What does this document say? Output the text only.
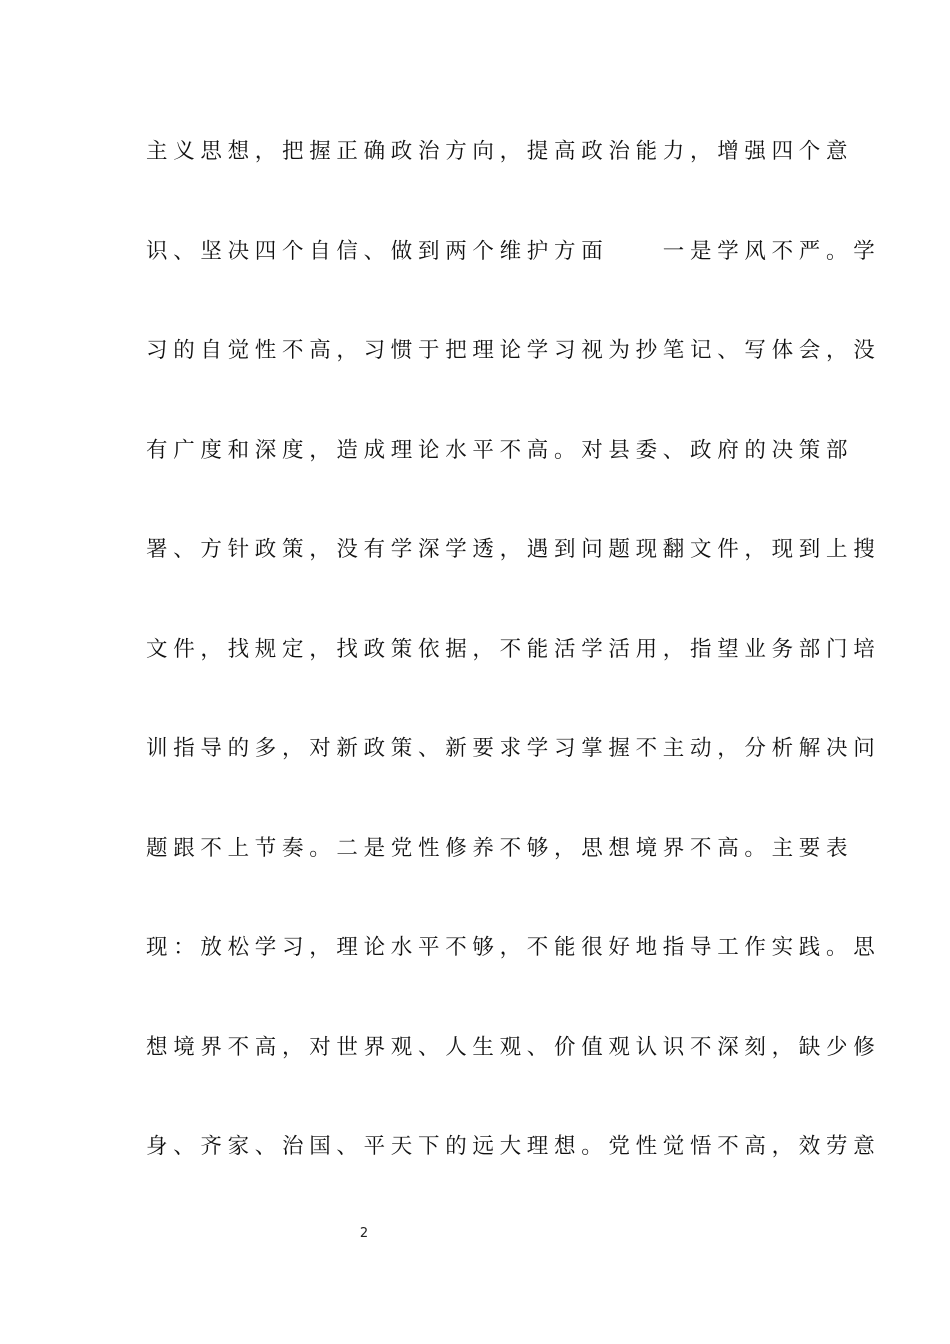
主义思想，把握正确政治方向，提高政治能力，增强四个意
识、坚决四个自信、做到两个维护方面　　一是学风不严。学
习的自觉性不高，习惯于把理论学习视为抄笔记、写体会，没
有广度和深度，造成理论水平不高。对县委、政府的决策部
署、方针政策，没有学深学透，遇到问题现翻文件，现到上搜
文件，找规定，找政策依据，不能活学活用，指望业务部门培
训指导的多，对新政策、新要求学习掌握不主动，分析解决问
题跟不上节奏。二是党性修养不够，思想境界不高。主要表
现：放松学习，理论水平不够，不能很好地指导工作实践。思
想境界不高，对世界观、人生观、价值观认识不深刻，缺少修
身、齐家、治国、平天下的远大理想。党性觉悟不高，效劳意
2
